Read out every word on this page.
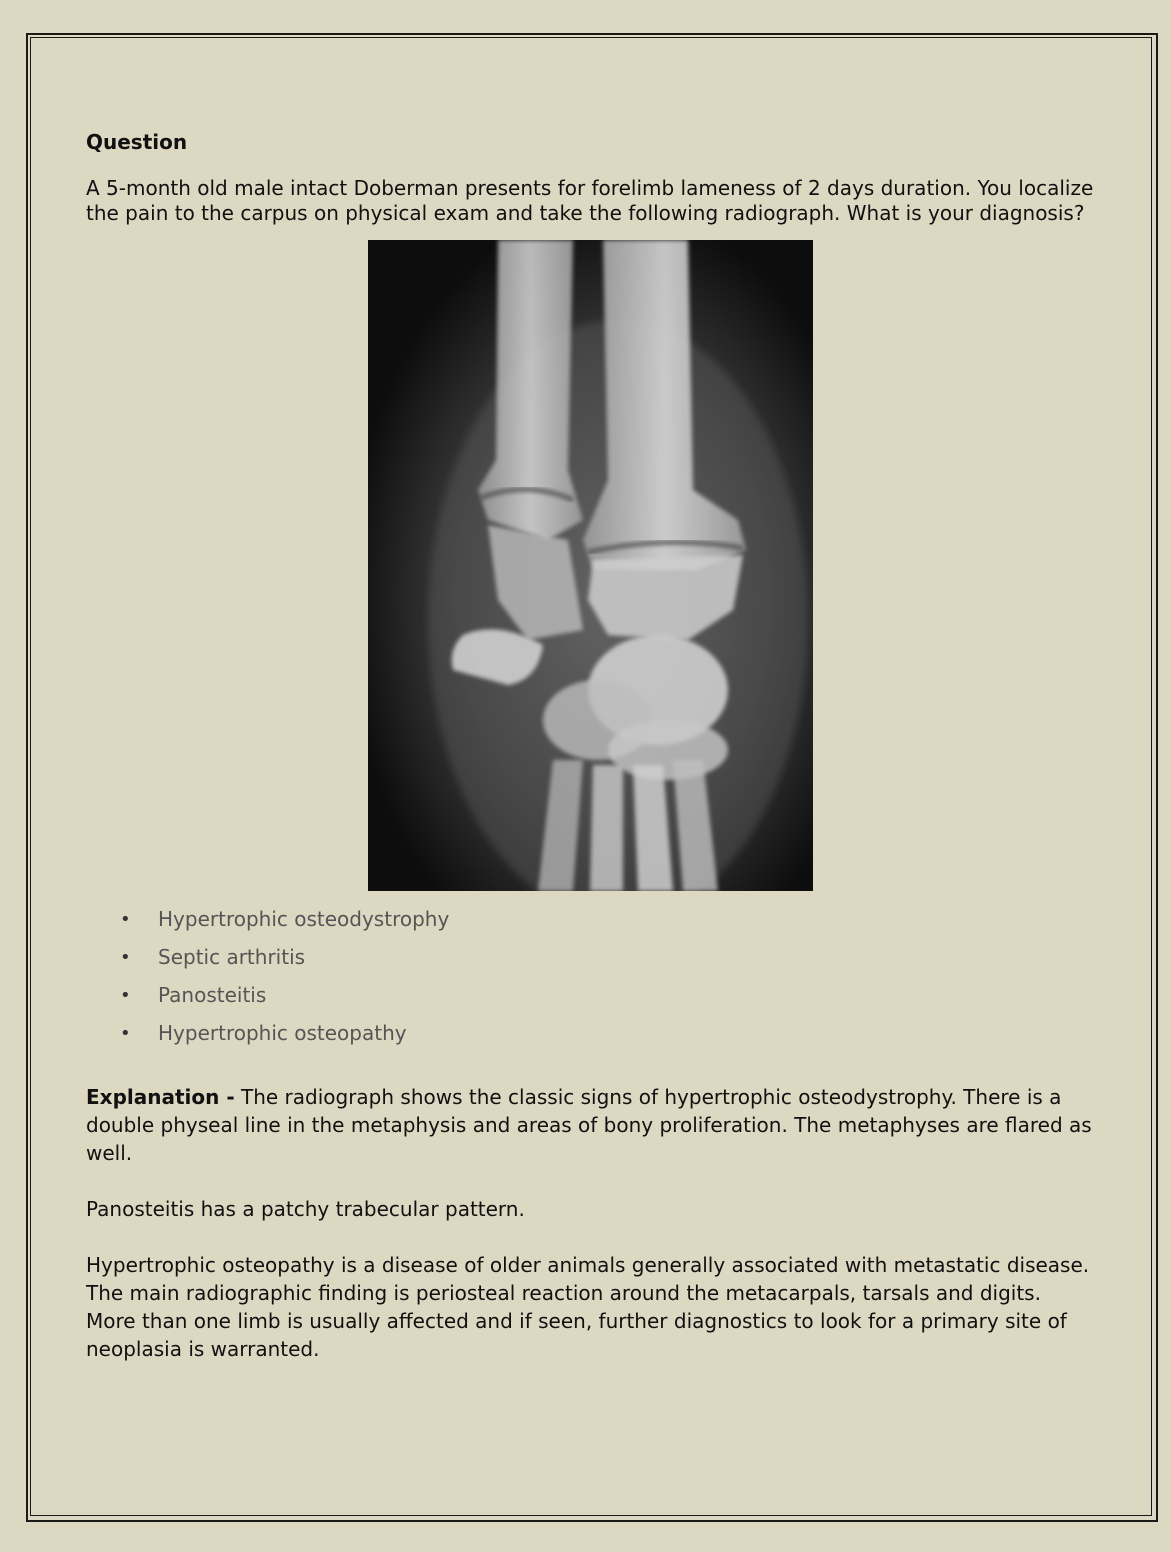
Question

A 5-month old male intact Doberman presents for forelimb lameness of 2 days duration. You localize the pain to the carpus on physical exam and take the following radiograph. What is your diagnosis?

• Hypertrophic osteodystrophy
• Septic arthritis
• Panosteitis
• Hypertrophic osteopathy

Explanation - The radiograph shows the classic signs of hypertrophic osteodystrophy. There is a double physeal line in the metaphysis and areas of bony proliferation. The metaphyses are flared as well.

Panosteitis has a patchy trabecular pattern.

Hypertrophic osteopathy is a disease of older animals generally associated with metastatic disease. The main radiographic finding is periosteal reaction around the metacarpals, tarsals and digits. More than one limb is usually affected and if seen, further diagnostics to look for a primary site of neoplasia is warranted.
